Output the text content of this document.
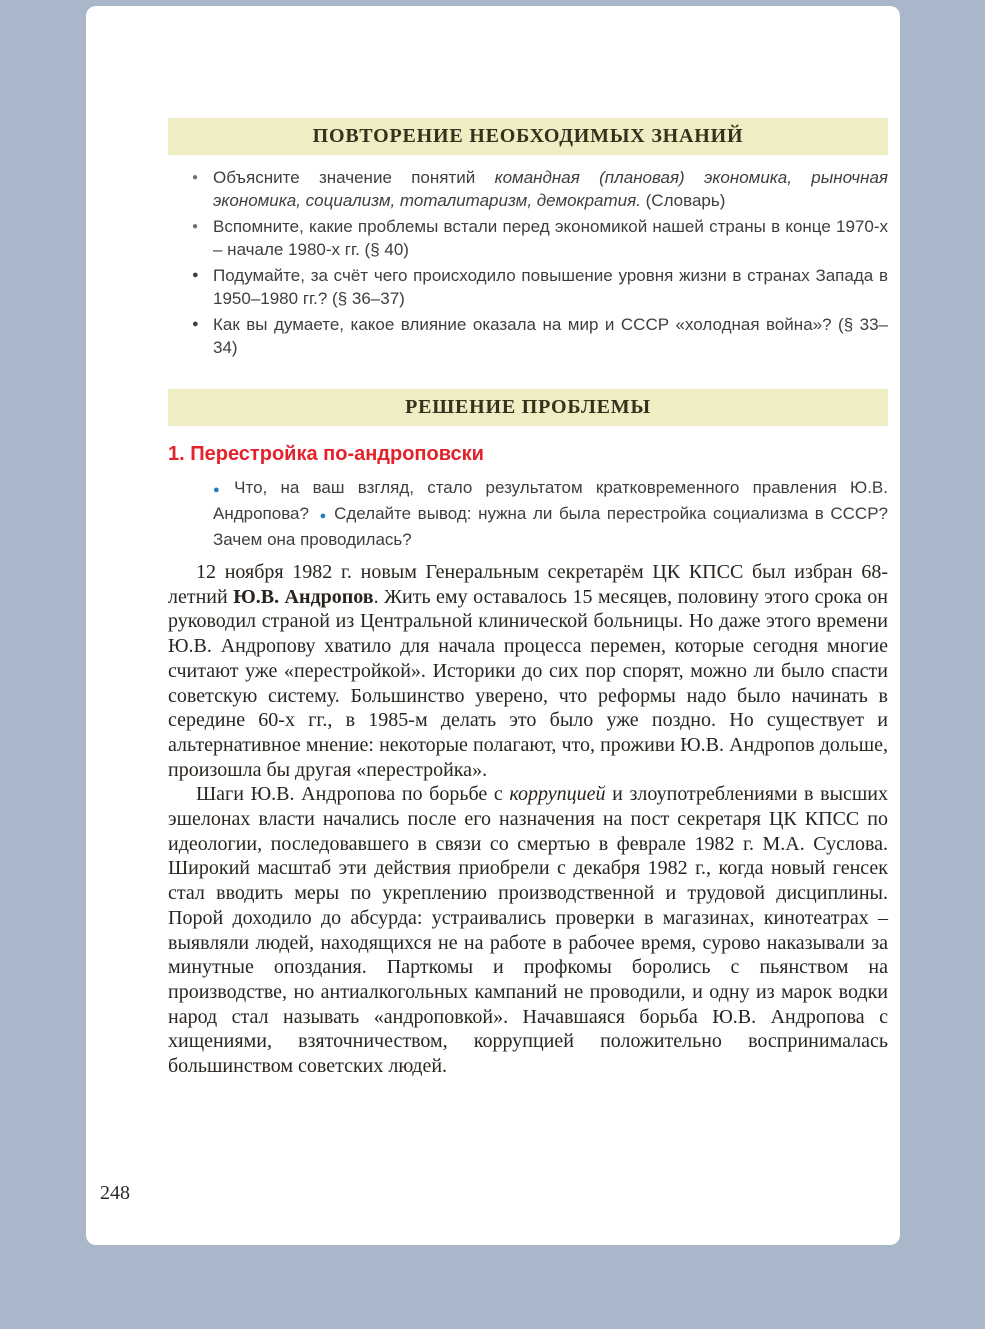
ПОВТОРЕНИЕ НЕОБХОДИМЫХ ЗНАНИЙ
● Объясните значение понятий командная (плановая) экономика, рыночная экономика, социализм, тоталитаризм, демократия. (Словарь)
● Вспомните, какие проблемы встали перед экономикой нашей страны в конце 1970-х – начале 1980-х гг. (§ 40)
● Подумайте, за счёт чего происходило повышение уровня жизни в странах Запада в 1950–1980 гг.? (§ 36–37)
● Как вы думаете, какое влияние оказала на мир и СССР «холодная война»? (§ 33–34)
РЕШЕНИЕ ПРОБЛЕМЫ
1. Перестройка по-андроповски
● Что, на ваш взгляд, стало результатом кратковременного правления Ю.В. Андропова? ● Сделайте вывод: нужна ли была перестройка социализма в СССР? Зачем она проводилась?

12 ноября 1982 г. новым Генеральным секретарём ЦК КПСС был избран 68-летний Ю.В. Андропов. Жить ему оставалось 15 месяцев, половину этого срока он руководил страной из Центральной клинической больницы. Но даже этого времени Ю.В. Андропову хватило для начала процесса перемен, которые сегодня многие считают уже «перестройкой». Историки до сих пор спорят, можно ли было спасти советскую систему. Большинство уверено, что реформы надо было начинать в середине 60-х гг., в 1985-м делать это было уже поздно. Но существует и альтернативное мнение: некоторые полагают, что, проживи Ю.В. Андропов дольше, произошла бы другая «перестройка».

Шаги Ю.В. Андропова по борьбе с коррупцией и злоупотреблениями в высших эшелонах власти начались после его назначения на пост секретаря ЦК КПСС по идеологии, последовавшего в связи со смертью в феврале 1982 г. М.А. Суслова. Широкий масштаб эти действия приобрели с декабря 1982 г., когда новый генсек стал вводить меры по укреплению производственной и трудовой дисциплины. Порой доходило до абсурда: устраивались проверки в магазинах, кинотеатрах – выявляли людей, находящихся не на работе в рабочее время, сурово наказывали за минутные опоздания. Парткомы и профкомы боролись с пьянством на производстве, но антиалкогольных кампаний не проводили, и одну из марок водки народ стал называть «андроповкой». Начавшаяся борьба Ю.В. Андропова с хищениями, взяточничеством, коррупцией положительно воспринималась большинством советских людей.

248
